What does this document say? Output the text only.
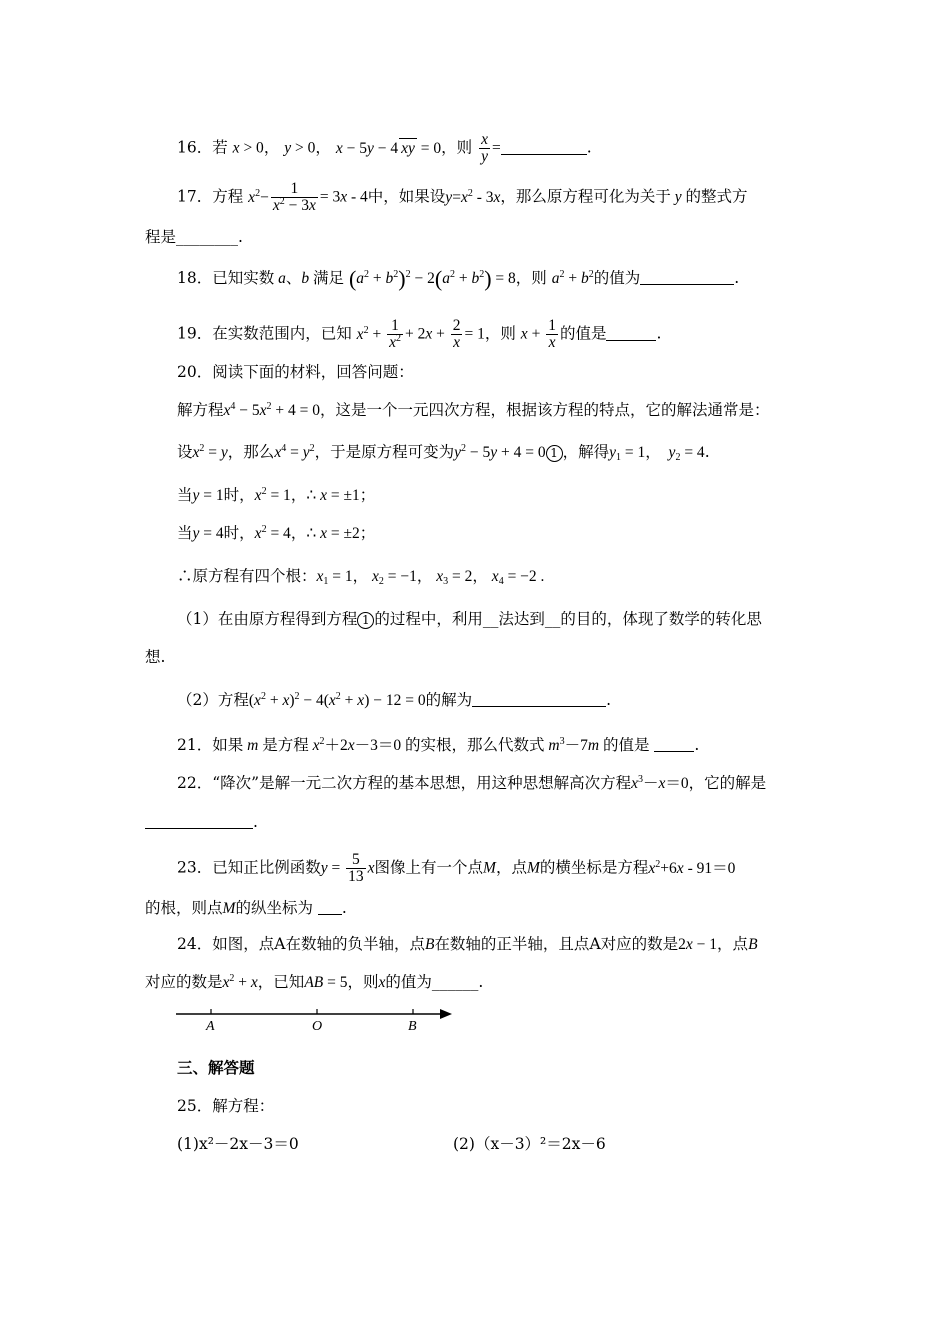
16．若 x > 0， y > 0， x − 5y − 4 xy = 0，则 $\frac{x}{y}$ =	.
17．方程 $x^2- \frac{1}{x^2 - 3x} = 3x - 4$中，如果设$y=x^2 - 3x$，那么原方程可化为关于 y 的整式方
程是________.
18．已知实数 a、b 满足 $(a^2 + b^2)^2 - 2(a^2 + b^2) = 8$，则 $a^2 + b^2$的值为	.
19．在实数范围内，已知 $x^2 + \frac{1}{x^2} + 2x + \frac{2}{x} = 1$，则 $x + \frac{1}{x}$ 的值是	.
20．阅读下面的材料，回答问题：
解方程$x^4 - 5x^2 + 4 = 0$，这是一个一元四次方程，根据该方程的特点，它的解法通常是：
设$x^2 = y$，那么$x^4 = y^2$，于是原方程可变为$y^2 - 5y + 4 = 0$ 1 ，解得$y_1 = 1$， $y_2 = 4$.
当y = 1时，$x^2 = 1$，∴ x = ±1；
当y = 4时，$x^2 = 4$，∴ x = ±2；
∴原方程有四个根：$x_1 = 1$， $x_2 = -1$， $x_3 = 2$， $x_4 = -2$ .
（1）在由原方程得到方程 1 的过程中，利用__法达到__的目的，体现了数学的转化思
想.
（2）方程$(x^2 + x)^2 - 4(x^2 + x) - 12 = 0$的解为	.
21．如果 m 是方程 $x^2+2x-3=0$ 的实根，那么代数式 $m^3-7m$ 的值是	.
22．“降次”是解一元二次方程的基本思想，用这种思想解高次方程$x^3-x=0$，它的解是
.
23．已知正比例函数$y = \frac{5}{13}$ x图像上有一个点M，点M的横坐标是方程$x^2+6x - 91=0$
的根，则点M的纵坐标为 .
24．如图，点A在数轴的负半轴，点B在数轴的正半轴，且点A对应的数是2x − 1，点B
对应的数是$x^2 + x$，已知AB = 5，则x的值为______.
A	O	B
三、解答题
25．解方程：
(1)x²－2x－3＝0	(2)（x－3）²＝2x－6
